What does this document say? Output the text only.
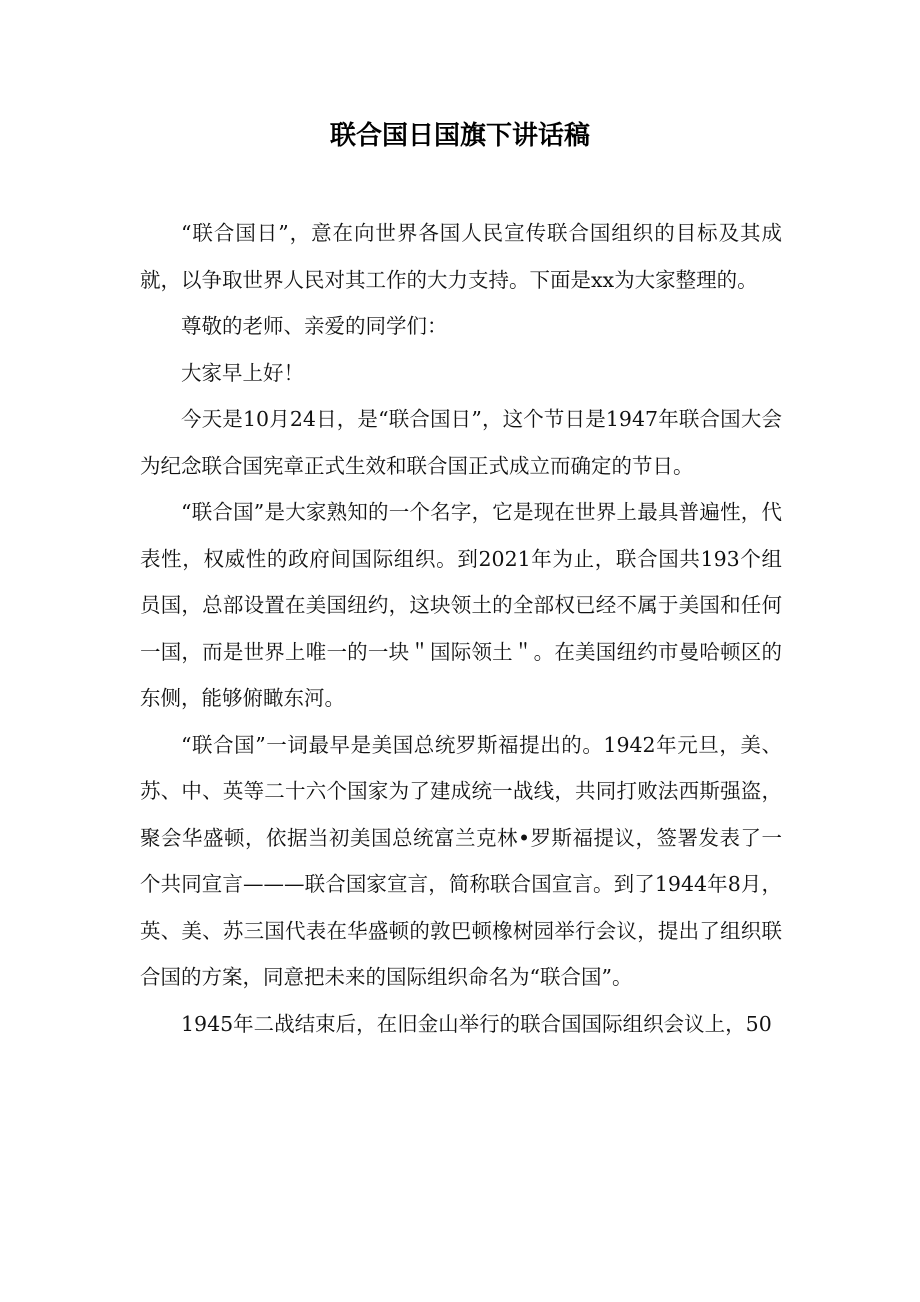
联合国日国旗下讲话稿

“联合国日”，意在向世界各国人民宣传联合国组织的目标及其成就，以争取世界人民对其工作的大力支持。下面是xx为大家整理的。

尊敬的老师、亲爱的同学们：

大家早上好！

今天是10月24日，是“联合国日”，这个节日是1947年联合国大会为纪念联合国宪章正式生效和联合国正式成立而确定的节日。

“联合国”是大家熟知的一个名字，它是现在世界上最具普遍性，代表性，权威性的政府间国际组织。到2021年为止，联合国共193个组员国，总部设置在美国纽约，这块领土的全部权已经不属于美国和任何一国，而是世界上唯一的一块＂国际领土＂。在美国纽约市曼哈顿区的东侧，能够俯瞰东河。

“联合国”一词最早是美国总统罗斯福提出的。1942年元旦，美、苏、中、英等二十六个国家为了建成统一战线，共同打败法西斯强盗，聚会华盛顿，依据当初美国总统富兰克林•罗斯福提议，签署发表了一个共同宣言———联合国家宣言，简称联合国宣言。到了1944年8月，英、美、苏三国代表在华盛顿的敦巴顿橡树园举行会议，提出了组织联合国的方案，同意把未来的国际组织命名为“联合国”。

1945年二战结束后，在旧金山举行的联合国国际组织会议上，50
